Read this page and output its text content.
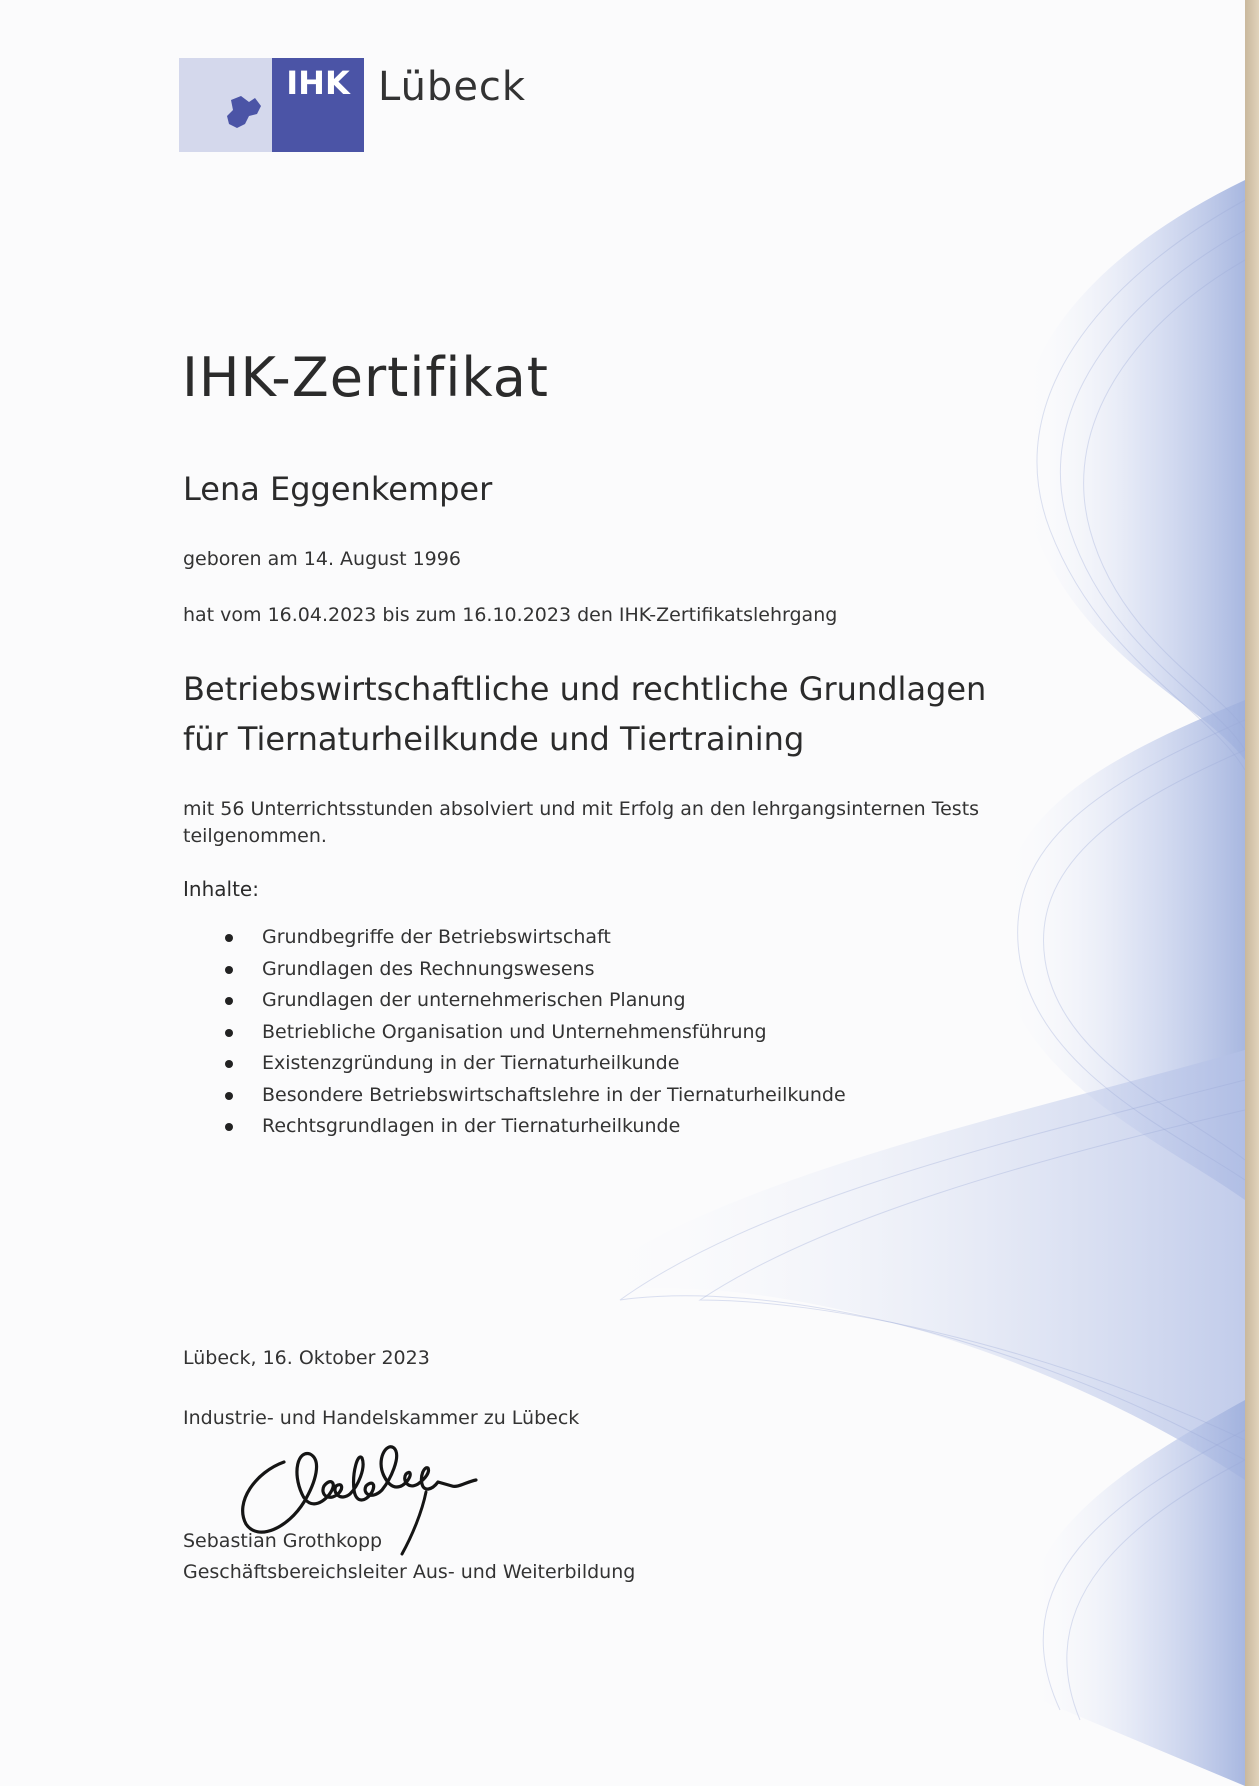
IHK Lübeck
IHK-Zertifikat
Lena Eggenkemper
geboren am 14. August 1996
hat vom 16.04.2023 bis zum 16.10.2023 den IHK-Zertifikatslehrgang
Betriebswirtschaftliche und rechtliche Grundlagen
für Tiernaturheilkunde und Tiertraining
mit 56 Unterrichtsstunden absolviert und mit Erfolg an den lehrgangsinternen Tests teilgenommen.
Inhalte:
Grundbegriffe der Betriebswirtschaft
Grundlagen des Rechnungswesens
Grundlagen der unternehmerischen Planung
Betriebliche Organisation und Unternehmensführung
Existenzgründung in der Tiernaturheilkunde
Besondere Betriebswirtschaftslehre in der Tiernaturheilkunde
Rechtsgrundlagen in der Tiernaturheilkunde
Lübeck, 16. Oktober 2023
Industrie- und Handelskammer zu Lübeck
Sebastian Grothkopp
Geschäftsbereichsleiter Aus- und Weiterbildung
